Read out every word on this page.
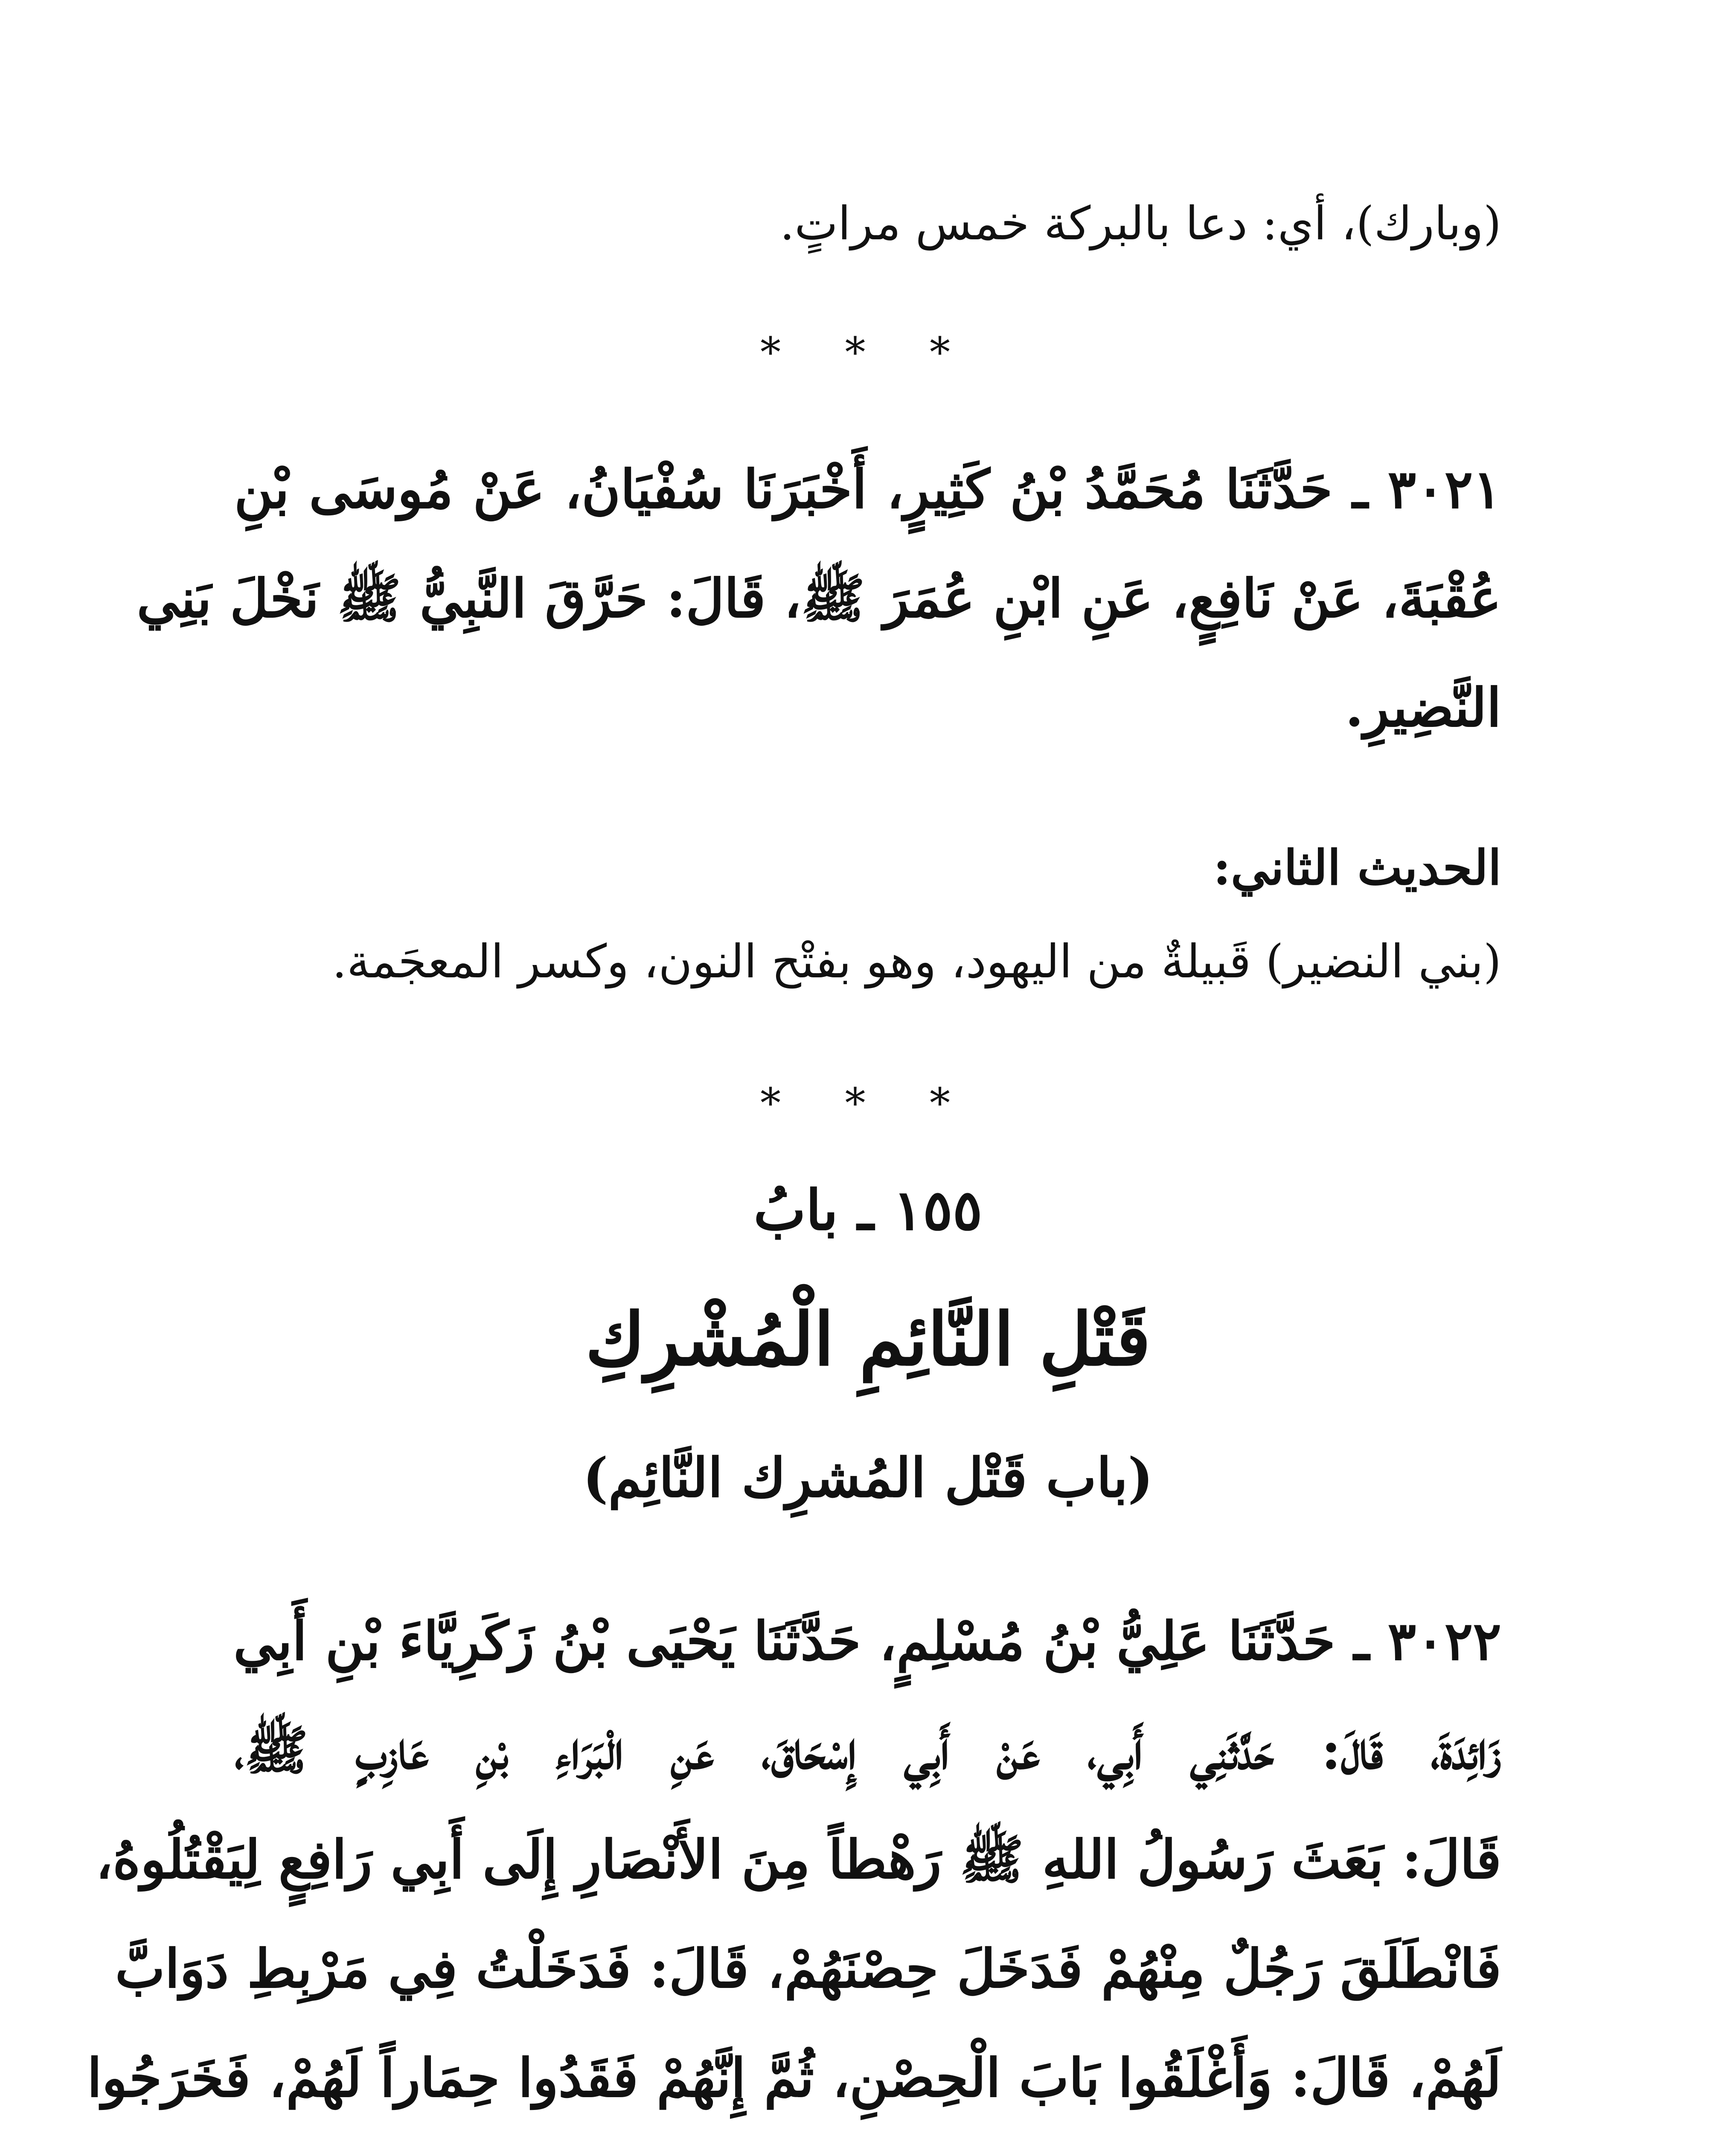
(وبارك)، أي: دعا بالبركة خمس مراتٍ.
* * *
٣٠٢١ ـ حَدَّثَنَا مُحَمَّدُ بْنُ كَثِيرٍ، أَخْبَرَنَا سُفْيَانُ، عَنْ مُوسَى بْنِ
عُقْبَةَ، عَنْ نَافِعٍ، عَنِ ابْنِ عُمَرَ ﷺ، قَالَ: حَرَّقَ النَّبِيُّ ﷺ نَخْلَ بَنِي
النَّضِيرِ.
الحديث الثاني:
(بني النضير) قَبيلةٌ من اليهود، وهو بفتْح النون، وكسر المعجَمة.
* * *
١٥٥ ـ بابُ
قَتْلِ النَّائِمِ الْمُشْرِكِ
(باب قَتْل المُشرِك النَّائِم)
٣٠٢٢ ـ حَدَّثَنَا عَلِيُّ بْنُ مُسْلِمٍ، حَدَّثَنَا يَحْيَى بْنُ زَكَرِيَّاءَ بْنِ أَبِي
زَائِدَةَ، قَالَ: حَدَّثَنِي أَبِي، عَنْ أَبِي إِسْحَاقَ، عَنِ الْبَرَاءِ بْنِ عَازِبٍ ﷺ،
قَالَ: بَعَثَ رَسُولُ اللهِ ﷺ رَهْطاً مِنَ الأَنْصَارِ إِلَى أَبِي رَافِعٍ لِيَقْتُلُوهُ،
فَانْطَلَقَ رَجُلٌ مِنْهُمْ فَدَخَلَ حِصْنَهُمْ، قَالَ: فَدَخَلْتُ فِي مَرْبِطِ دَوَابَّ
لَهُمْ، قَالَ: وَأَغْلَقُوا بَابَ الْحِصْنِ، ثُمَّ إِنَّهُمْ فَقَدُوا حِمَاراً لَهُمْ، فَخَرَجُوا
